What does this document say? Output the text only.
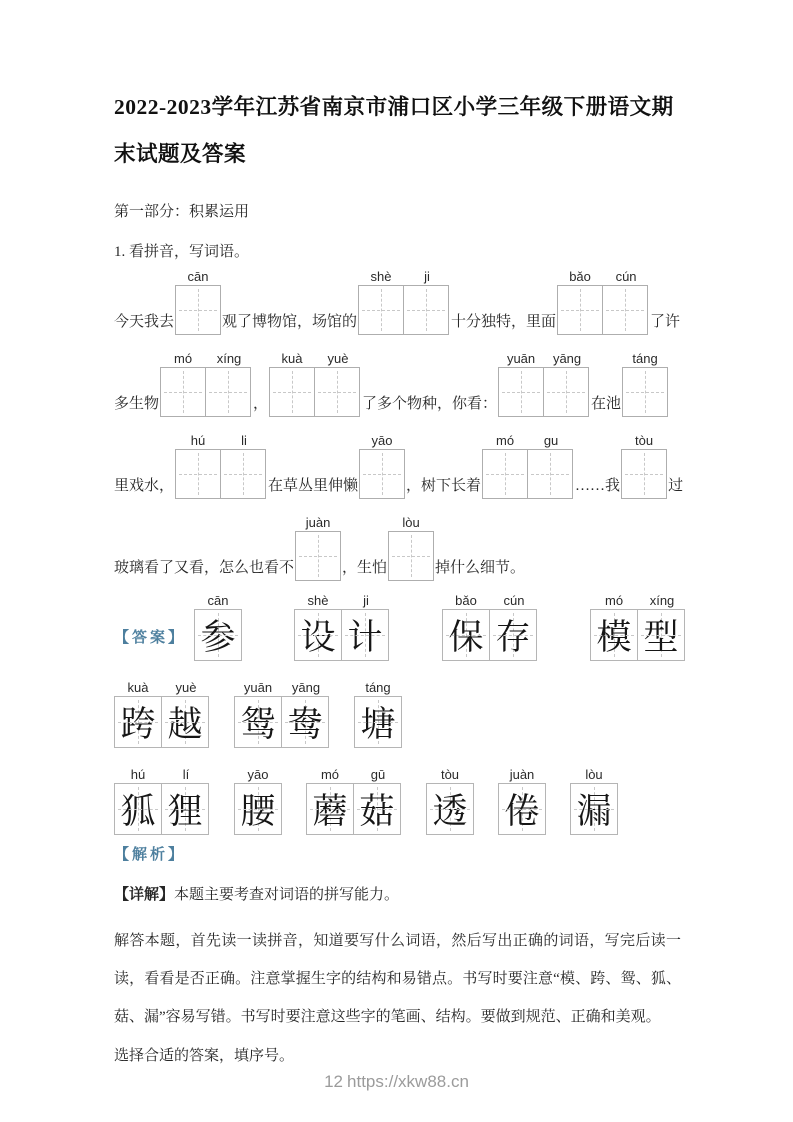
2022-2023学年江苏省南京市浦口区小学三年级下册语文期末试题及答案
第一部分：积累运用
1. 看拼音，写词语。
今天我去
cān
观了博物馆，场馆的
shè	ji
十分独特，里面
bǎo	cún
了许
多生物
mó	xíng
，
kuà	yuè
了多个物种，你看：
yuān	yāng
在池
táng
里戏水，
hú	li
在草丛里伸懒
yāo
，树下长着
mó	gu
……我
tòu
过
玻璃看了又看，怎么也看不
juàn
，生怕
lòu
掉什么细节。
【答案】
cān
参
shè	ji
设 计
bǎo	cún
保 存
mó	xíng
模 型
kuà	yuè
跨 越
yuān	yāng
鸳 鸯
táng
塘
hú	lí
狐 狸
yāo
腰
mó	gū
蘑 菇
tòu
透
juàn
倦
lòu
漏
【解析】
【详解】本题主要考查对词语的拼写能力。
解答本题，首先读一读拼音，知道要写什么词语，然后写出正确的词语，写完后读一读，看看是否正确。注意掌握生字的结构和易错点。书写时要注意“模、跨、鸳、狐、菇、漏”容易写错。书写时要注意这些字的笔画、结构。要做到规范、正确和美观。
选择合适的答案，填序号。
12 https://xkw88.cn
